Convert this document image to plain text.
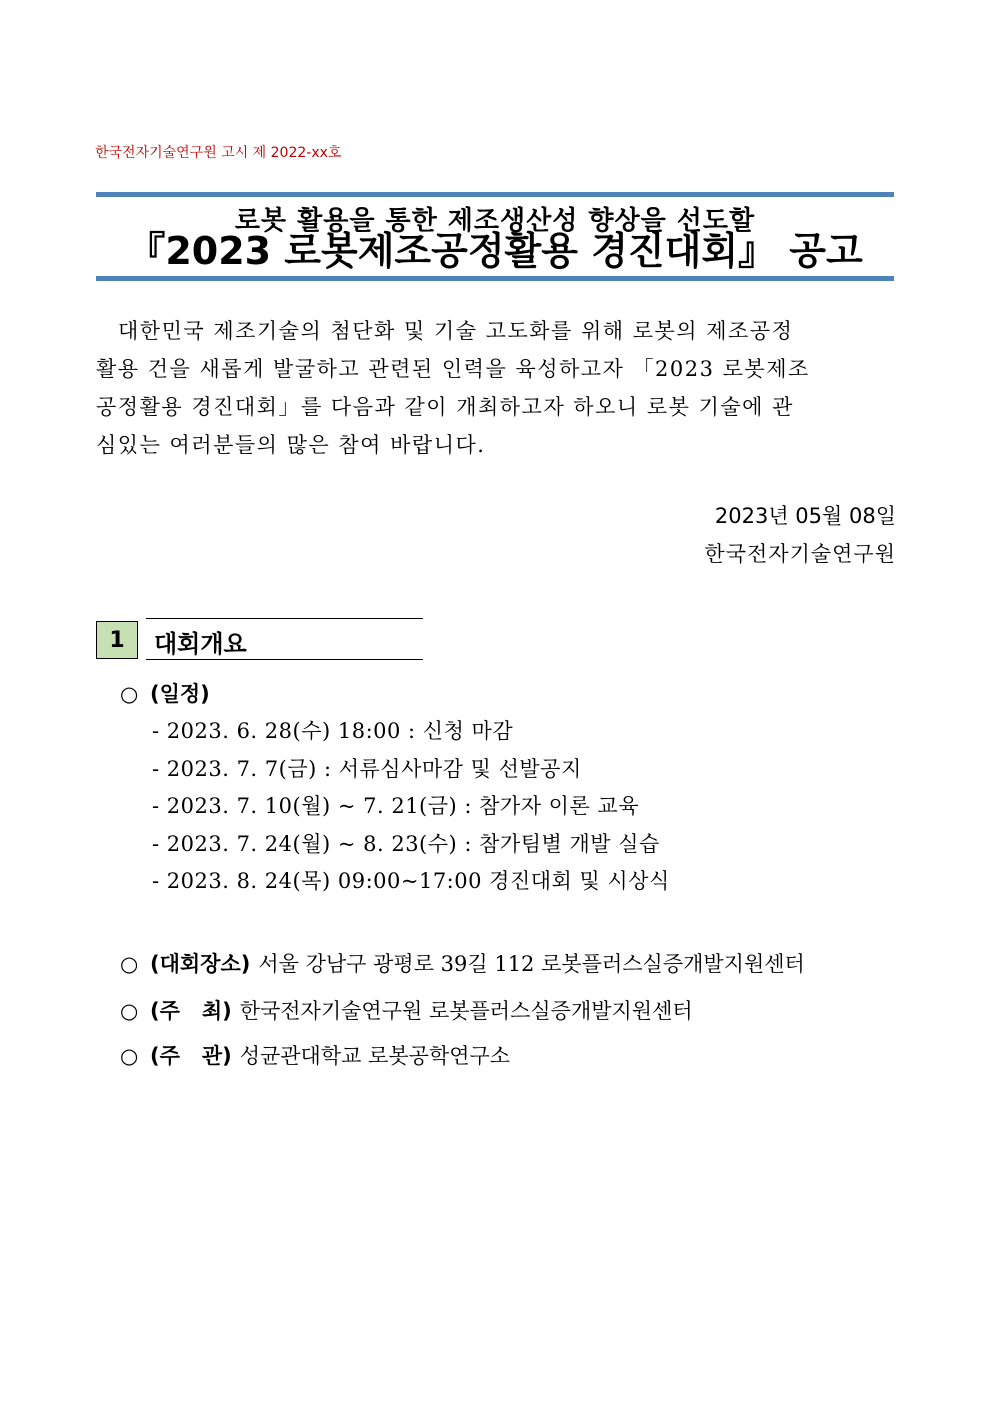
한국전자기술연구원 고시 제 2022-xx호
로봇 활용을 통한 제조생산성 향상을 선도할
『2023 로봇제조공정활용 경진대회』 공고

대한민국 제조기술의 첨단화 및 기술 고도화를 위해 로봇의 제조공정
활용 건을 새롭게 발굴하고 관련된 인력을 육성하고자 「2023 로봇제조
공정활용 경진대회」를 다음과 같이 개최하고자 하오니 로봇 기술에 관
심있는 여러분들의 많은 참여 바랍니다.

2023년 05월 08일
한국전자기술연구원
1	대회개요
○ (일정)
- 2023. 6. 28(수) 18:00 : 신청 마감
- 2023. 7. 7(금) : 서류심사마감 및 선발공지
- 2023. 7. 10(월) ~ 7. 21(금) : 참가자 이론 교육
- 2023. 7. 24(월) ~ 8. 23(수) : 참가팀별 개발 실습
- 2023. 8. 24(목) 09:00~17:00 경진대회 및 시상식
○ (대회장소) 서울 강남구 광평로 39길 112 로봇플러스실증개발지원센터
○ (주   최) 한국전자기술연구원 로봇플러스실증개발지원센터
○ (주   관) 성균관대학교 로봇공학연구소
